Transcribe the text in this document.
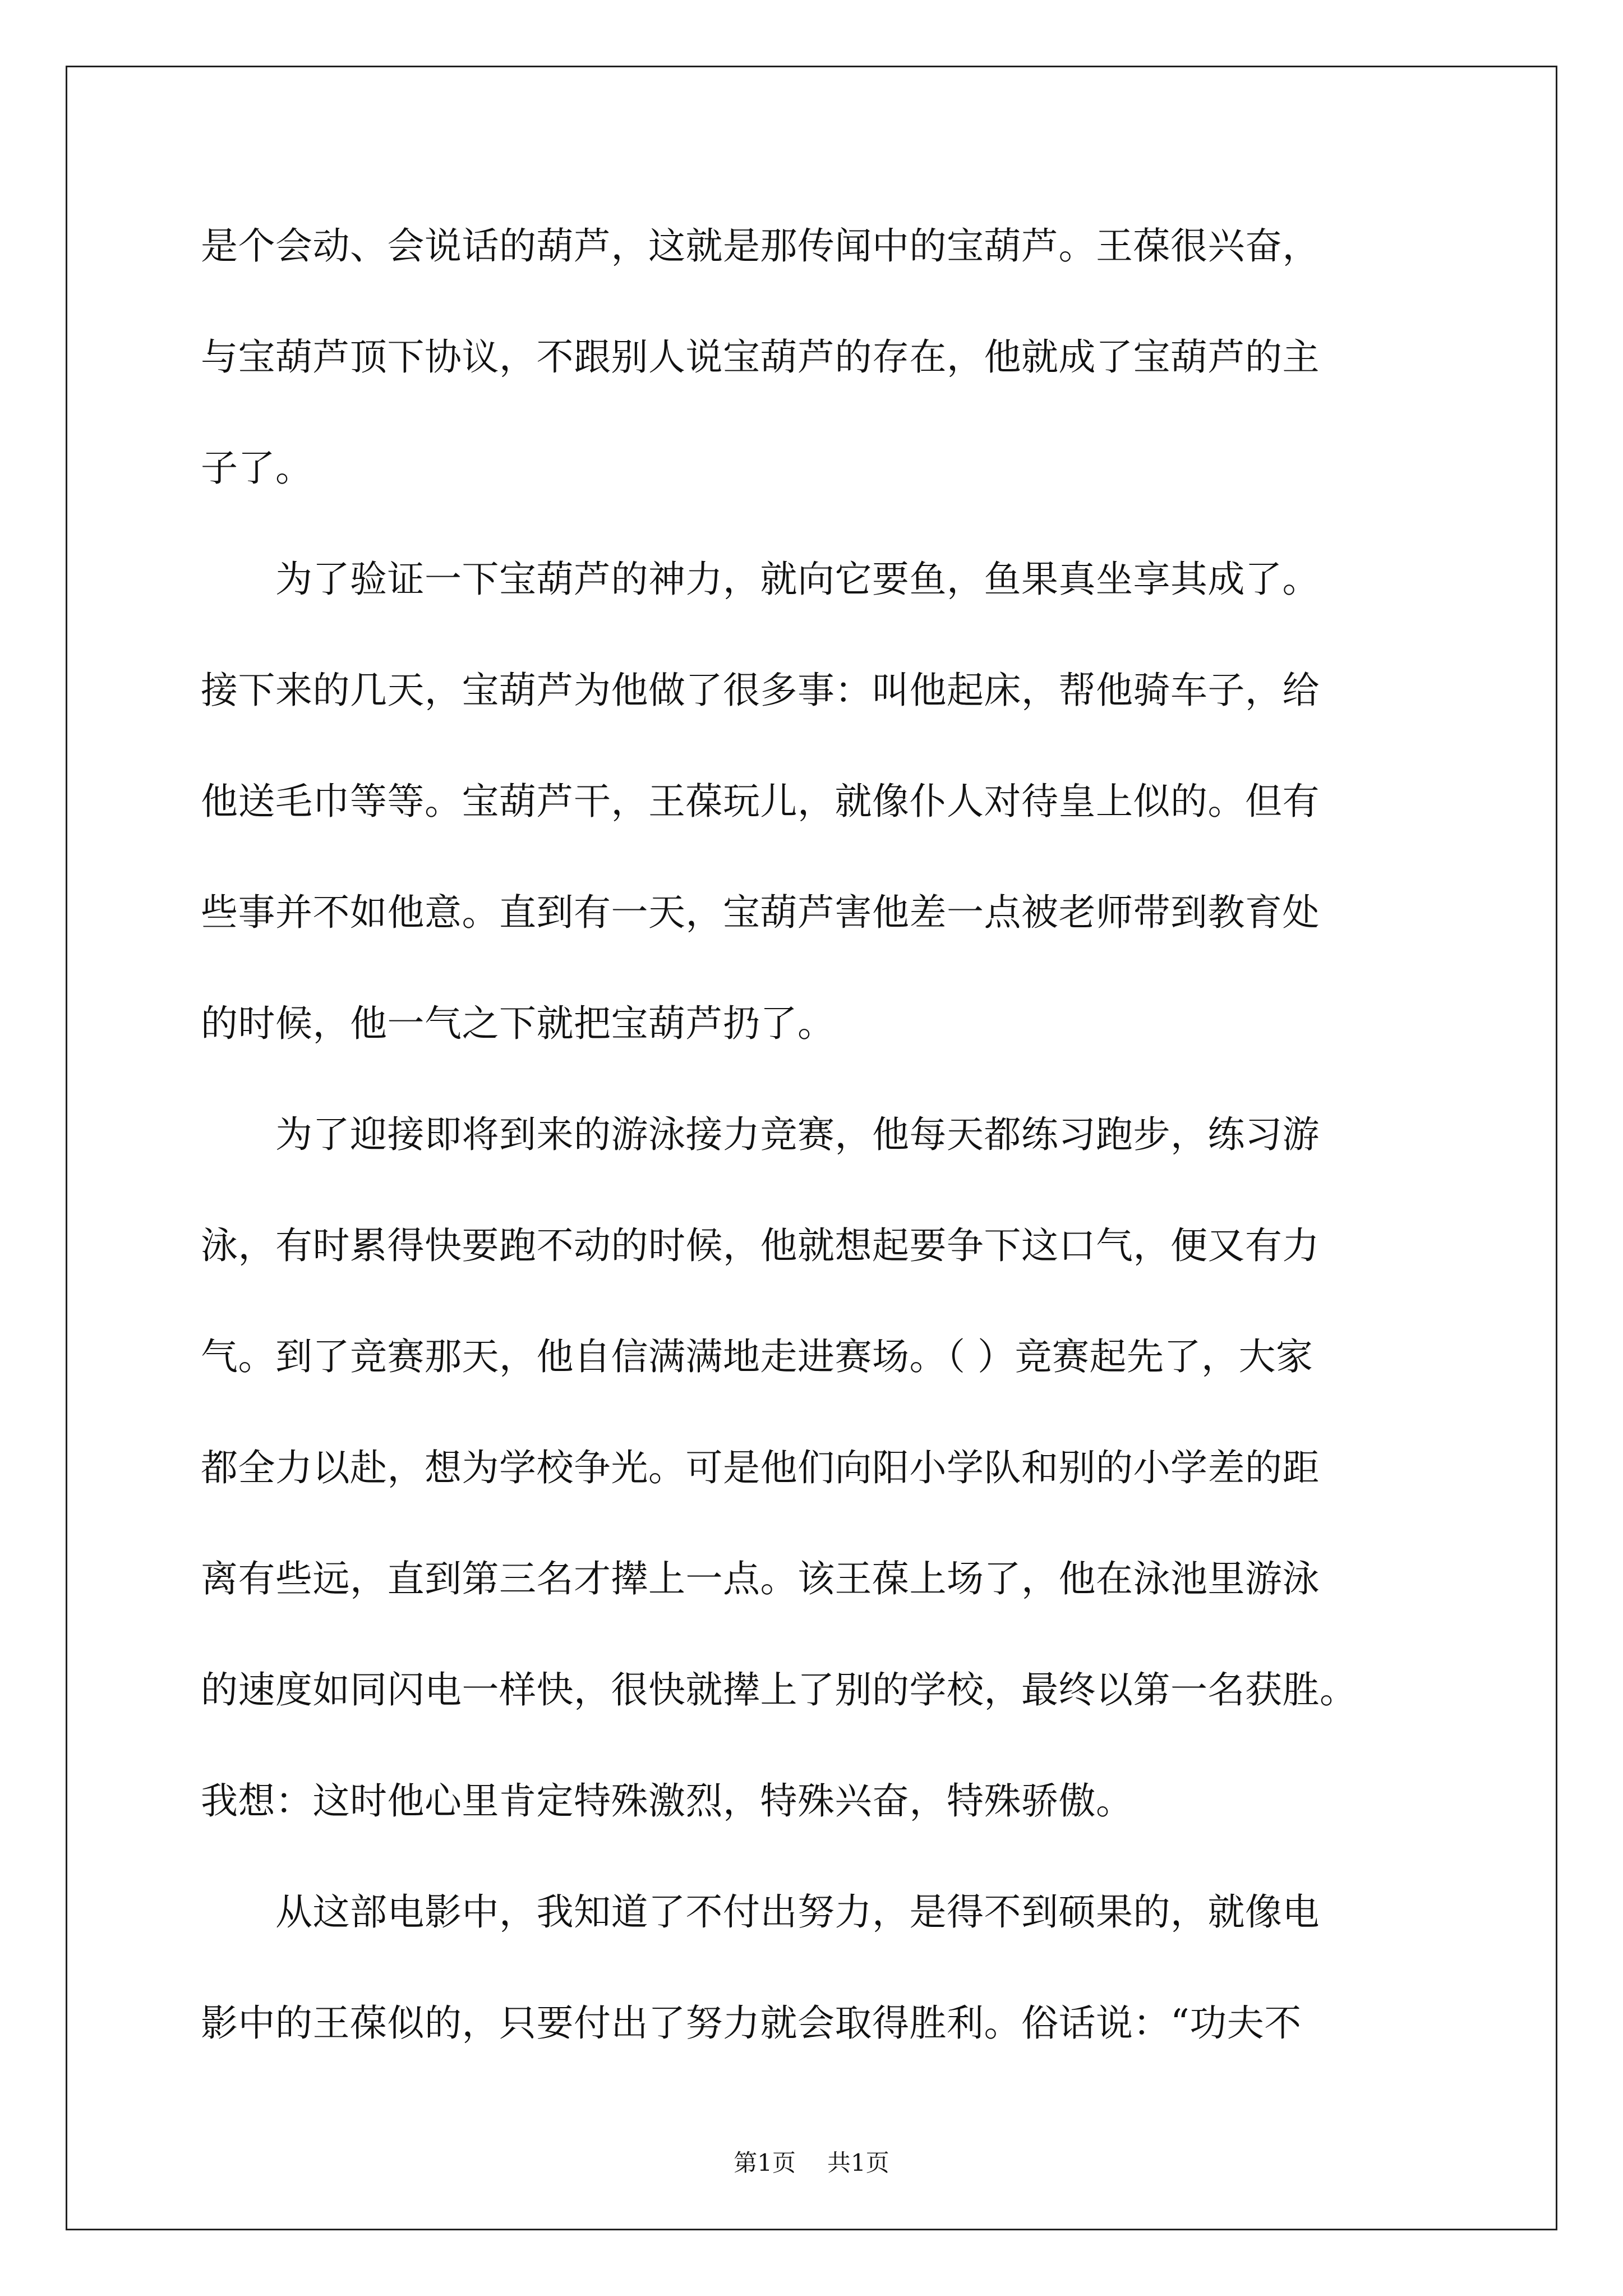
是个会动、会说话的葫芦，这就是那传闻中的宝葫芦。王葆很兴奋，
与宝葫芦顶下协议，不跟别人说宝葫芦的存在，他就成了宝葫芦的主
子了。
　　为了验证一下宝葫芦的神力，就向它要鱼，鱼果真坐享其成了。
接下来的几天，宝葫芦为他做了很多事：叫他起床，帮他骑车子，给
他送毛巾等等。宝葫芦干，王葆玩儿，就像仆人对待皇上似的。但有
些事并不如他意。直到有一天，宝葫芦害他差一点被老师带到教育处
的时候，他一气之下就把宝葫芦扔了。
　　为了迎接即将到来的游泳接力竞赛，他每天都练习跑步，练习游
泳，有时累得快要跑不动的时候，他就想起要争下这口气，便又有力
气。到了竞赛那天，他自信满满地走进赛场。（ ）竞赛起先了，大家
都全力以赴，想为学校争光。可是他们向阳小学队和别的小学差的距
离有些远，直到第三名才撵上一点。该王葆上场了，他在泳池里游泳
的速度如同闪电一样快，很快就撵上了别的学校，最终以第一名获胜。
我想：这时他心里肯定特殊激烈，特殊兴奋，特殊骄傲。
　　从这部电影中，我知道了不付出努力，是得不到硕果的，就像电
影中的王葆似的，只要付出了努力就会取得胜利。俗话说：“功夫不
第1页 共1页
